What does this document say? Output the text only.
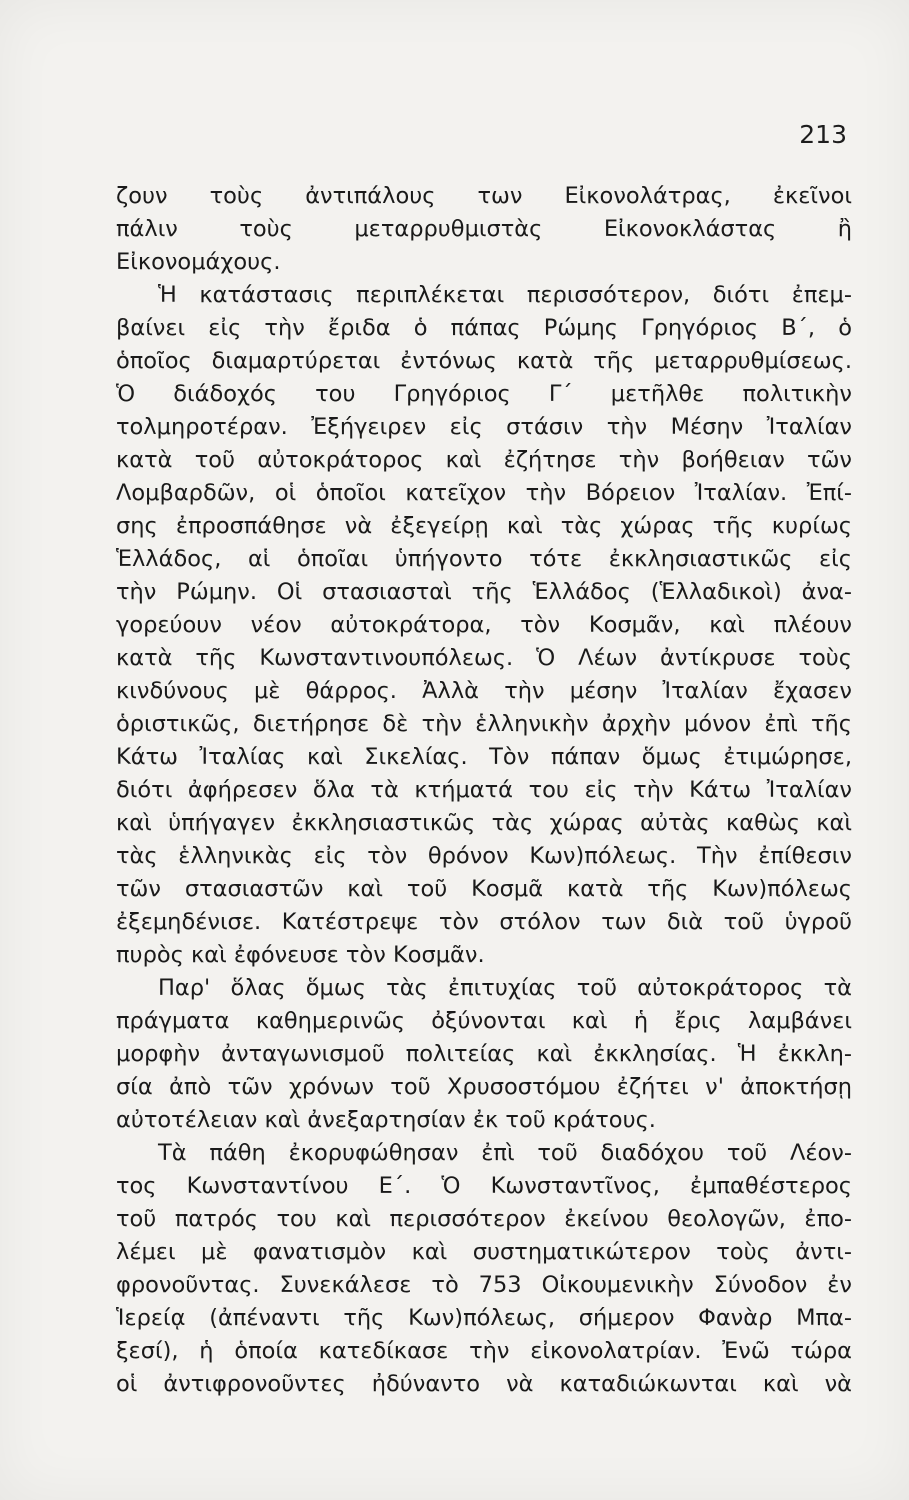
213
ζουν τοὺς ἀντιπάλους των Εἰκονολάτρας, ἐκεῖνοι
πάλιν τοὺς μεταρρυθμιστὰς Εἰκονοκλάστας ἢ
Εἰκονομάχους.
Ἡ κατάστασις περιπλέκεται περισσότερον, διότι ἐπεμ-
βαίνει εἰς τὴν ἔριδα ὁ πάπας Ρώμης Γρηγόριος Β΄, ὁ
ὁποῖος διαμαρτύρεται ἐντόνως κατὰ τῆς μεταρρυθμίσεως.
Ὁ διάδοχός του Γρηγόριος Γ΄ μετῆλθε πολιτικὴν
τολμηροτέραν. Ἐξήγειρεν εἰς στάσιν τὴν Μέσην Ἰταλίαν
κατὰ τοῦ αὐτοκράτορος καὶ ἐζήτησε τὴν βοήθειαν τῶν
Λομβαρδῶν, οἱ ὁποῖοι κατεῖχον τὴν Βόρειον Ἰταλίαν. Ἐπί-
σης ἐπροσπάθησε νὰ ἐξεγείρῃ καὶ τὰς χώρας τῆς κυρίως
Ἑλλάδος, αἱ ὁποῖαι ὑπήγοντο τότε ἐκκλησιαστικῶς εἰς
τὴν Ρώμην. Οἱ στασιασταὶ τῆς Ἑλλάδος (Ἑλλαδικοὶ) ἀνα-
γορεύουν νέον αὐτοκράτορα, τὸν Κοσμᾶν, καὶ πλέουν
κατὰ τῆς Κωνσταντινουπόλεως. Ὁ Λέων ἀντίκρυσε τοὺς
κινδύνους μὲ θάρρος. Ἀλλὰ τὴν μέσην Ἰταλίαν ἔχασεν
ὁριστικῶς, διετήρησε δὲ τὴν ἑλληνικὴν ἀρχὴν μόνον ἐπὶ τῆς
Κάτω Ἰταλίας καὶ Σικελίας. Τὸν πάπαν ὅμως ἐτιμώρησε,
διότι ἀφήρεσεν ὅλα τὰ κτήματά του εἰς τὴν Κάτω Ἰταλίαν
καὶ ὑπήγαγεν ἐκκλησιαστικῶς τὰς χώρας αὐτὰς καθὼς καὶ
τὰς ἑλληνικὰς εἰς τὸν θρόνον Κων)πόλεως. Τὴν ἐπίθεσιν
τῶν στασιαστῶν καὶ τοῦ Κοσμᾶ κατὰ τῆς Κων)πόλεως
ἐξεμηδένισε. Κατέστρεψε τὸν στόλον των διὰ τοῦ ὑγροῦ
πυρὸς καὶ ἐφόνευσε τὸν Κοσμᾶν.
Παρ' ὅλας ὅμως τὰς ἐπιτυχίας τοῦ αὐτοκράτορος τὰ
πράγματα καθημερινῶς ὀξύνονται καὶ ἡ ἔρις λαμβάνει
μορφὴν ἀνταγωνισμοῦ πολιτείας καὶ ἐκκλησίας. Ἡ ἐκκλη-
σία ἀπὸ τῶν χρόνων τοῦ Χρυσοστόμου ἐζήτει ν' ἀποκτήσῃ
αὐτοτέλειαν καὶ ἀνεξαρτησίαν ἐκ τοῦ κράτους.
Τὰ πάθη ἐκορυφώθησαν ἐπὶ τοῦ διαδόχου τοῦ Λέον-
τος Κωνσταντίνου Ε΄. Ὁ Κωνσταντῖνος, ἐμπαθέστερος
τοῦ πατρός του καὶ περισσότερον ἐκείνου θεολογῶν, ἐπο-
λέμει μὲ φανατισμὸν καὶ συστηματικώτερον τοὺς ἀντι-
φρονοῦντας. Συνεκάλεσε τὸ 753 Οἰκουμενικὴν Σύνοδον ἐν
Ἱερείᾳ (ἀπέναντι τῆς Κων)πόλεως, σήμερον Φανὰρ Μπα-
ξεσί), ἡ ὁποία κατεδίκασε τὴν εἰκονολατρίαν. Ἐνῶ τώρα
οἱ ἀντιφρονοῦντες ἠδύναντο νὰ καταδιώκωνται καὶ νὰ
